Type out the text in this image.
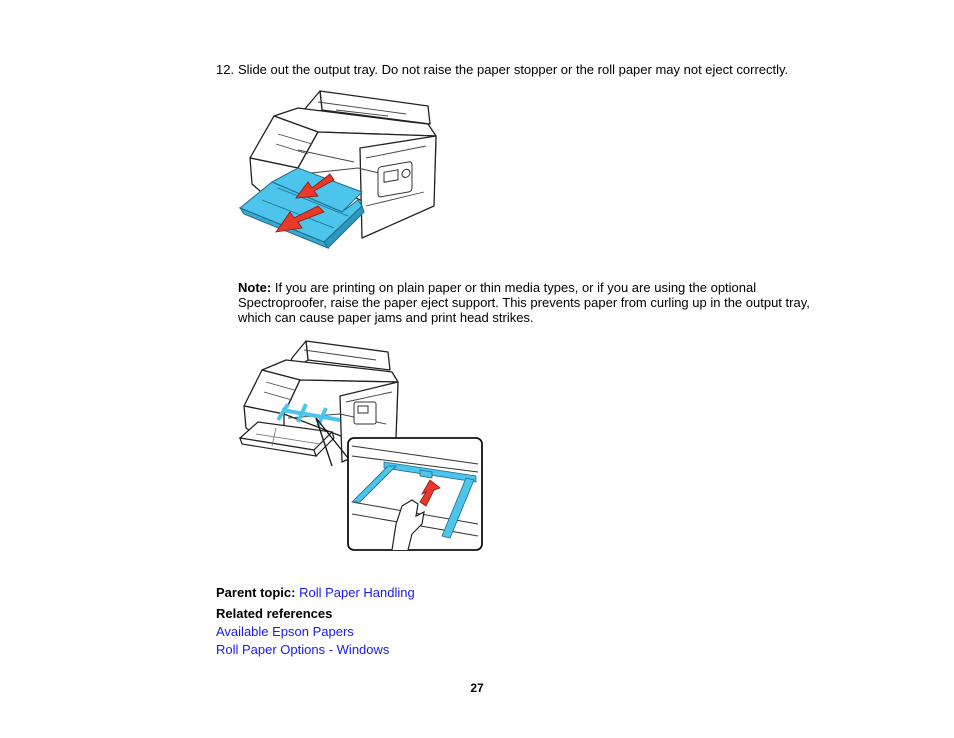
12. Slide out the output tray. Do not raise the paper stopper or the roll paper may not eject correctly.
Note: If you are printing on plain paper or thin media types, or if you are using the optional Spectroproofer, raise the paper eject support. This prevents paper from curling up in the output tray, which can cause paper jams and print head strikes.
Parent topic: Roll Paper Handling
Related references
Available Epson Papers
Roll Paper Options - Windows
27
